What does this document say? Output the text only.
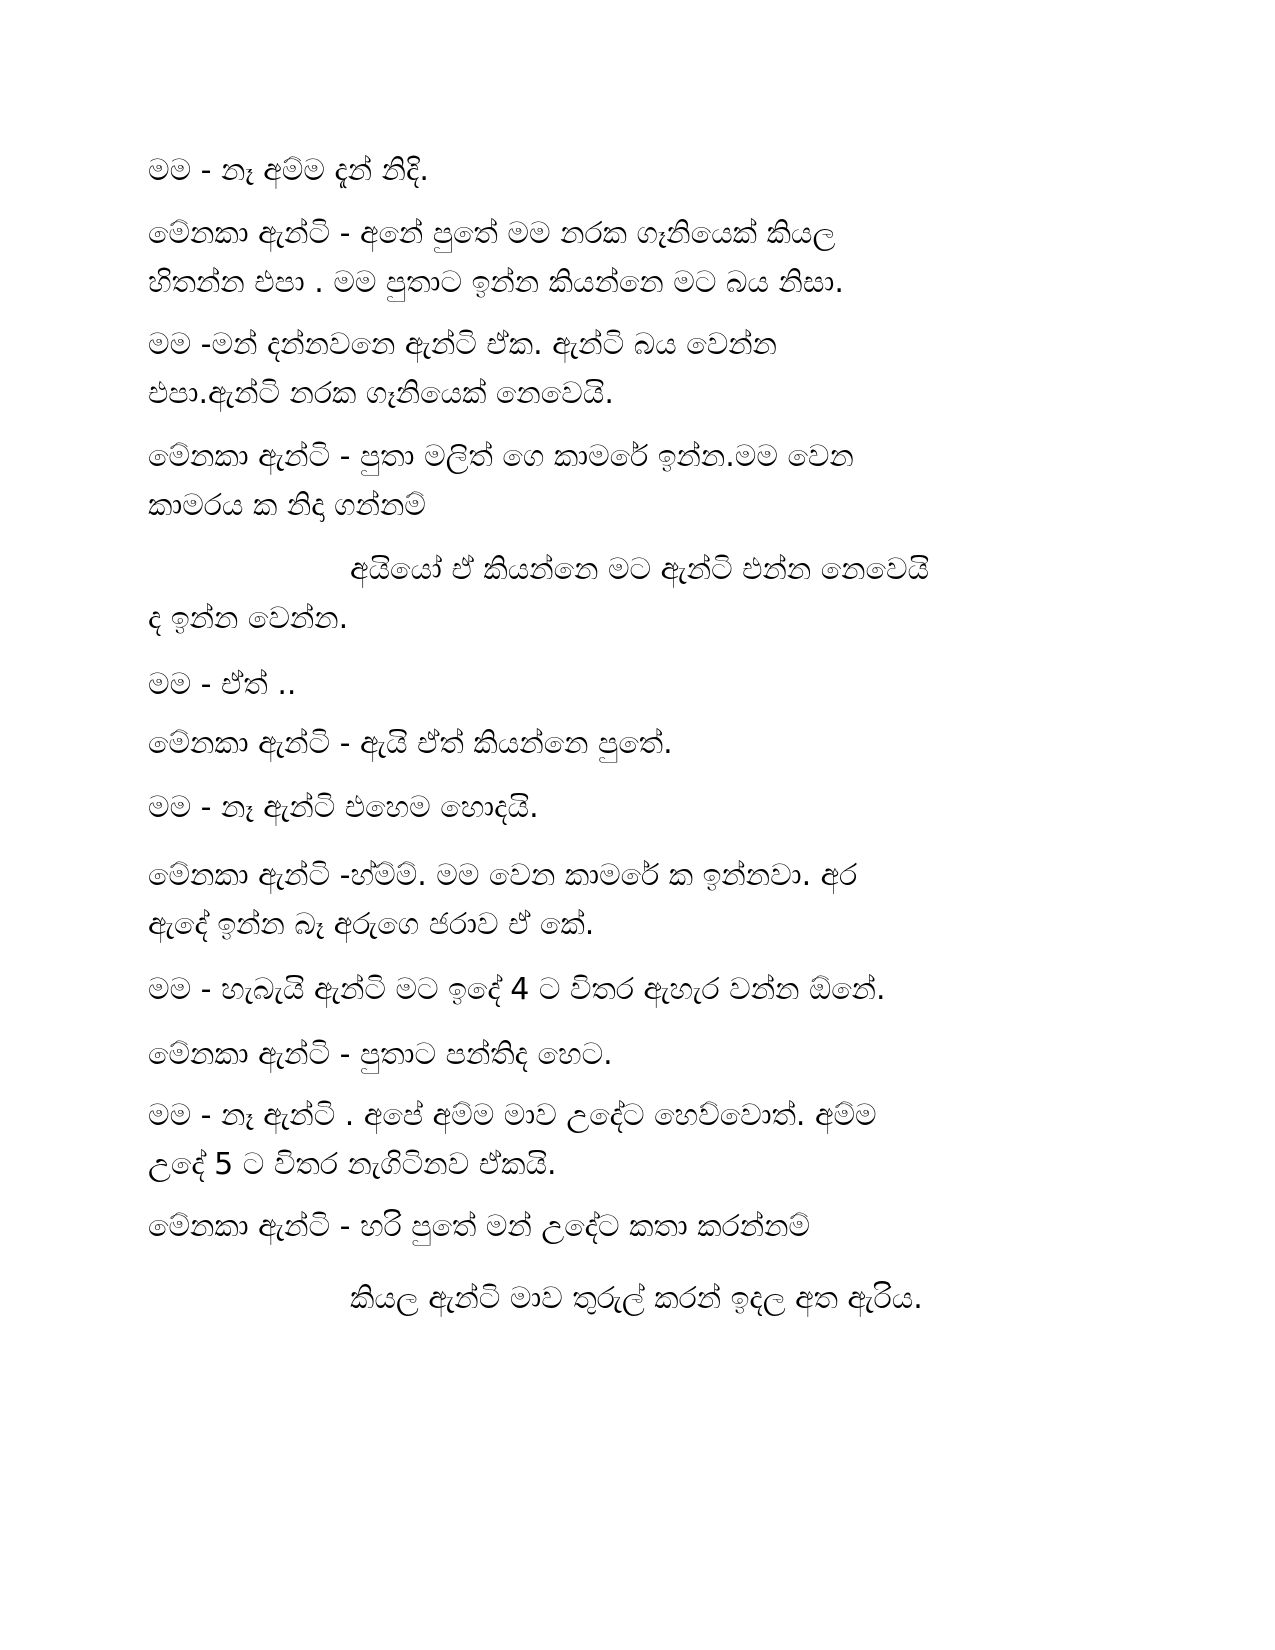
මම - නෑ අම්ම දැන් නිදි.
මේනකා ඇන්ටි - අනේ පුතේ මම නරක ගෑනියෙක් කියල
හිතන්න එපා . මම පුතාට ඉන්න කියන්නෙ මට බය නිසා.
මම -මන් දන්නවනෙ ඇන්ටි ඒක. ඇන්ටි බය වෙන්න
එපා.ඇන්ටි නරක ගෑනියෙක් නෙවෙයි.
මේනකා ඇන්ටි - පුතා මලිත් ගෙ කාමරේ ඉන්න.මම වෙන
කාමරය ක නිදා ගන්නම්
අයියෝ ඒ කියන්නෙ මට ඇන්ටි එන්න නෙවෙයි
ද ඉන්න වෙන්න.
මම - ඒත් ..
මේනකා ඇන්ටි - ඇයි ඒත් කියන්නෙ පුතේ.
මම - නෑ ඇන්ටි එහෙම හොදයි.
මේනකා ඇන්ටි -හ්ම්ම්. මම වෙන කාමරේ ක ඉන්නවා. අර
ඇදේ ඉන්න බෑ අරුගෙ ජරාව ඒ කේ.
මම - හැබැයි ඇන්ටි මට ඉදේ 4 ට විතර ඇහැර වන්න ඕනේ.
මේනකා ඇන්ටි - පුතාට පන්තිද හෙට.
මම - නෑ ඇන්ටි . අපේ අම්ම මාව උදේට හෙව්වොත්. අම්ම
උදේ 5 ට විතර නැගිටිනව ඒකයි.
මේනකා ඇන්ටි - හරි පුතේ මන් උදේට කතා කරන්නම්
කියල ඇන්ටි මාව තුරුල් කරන් ඉදල අත ඇරිය.
